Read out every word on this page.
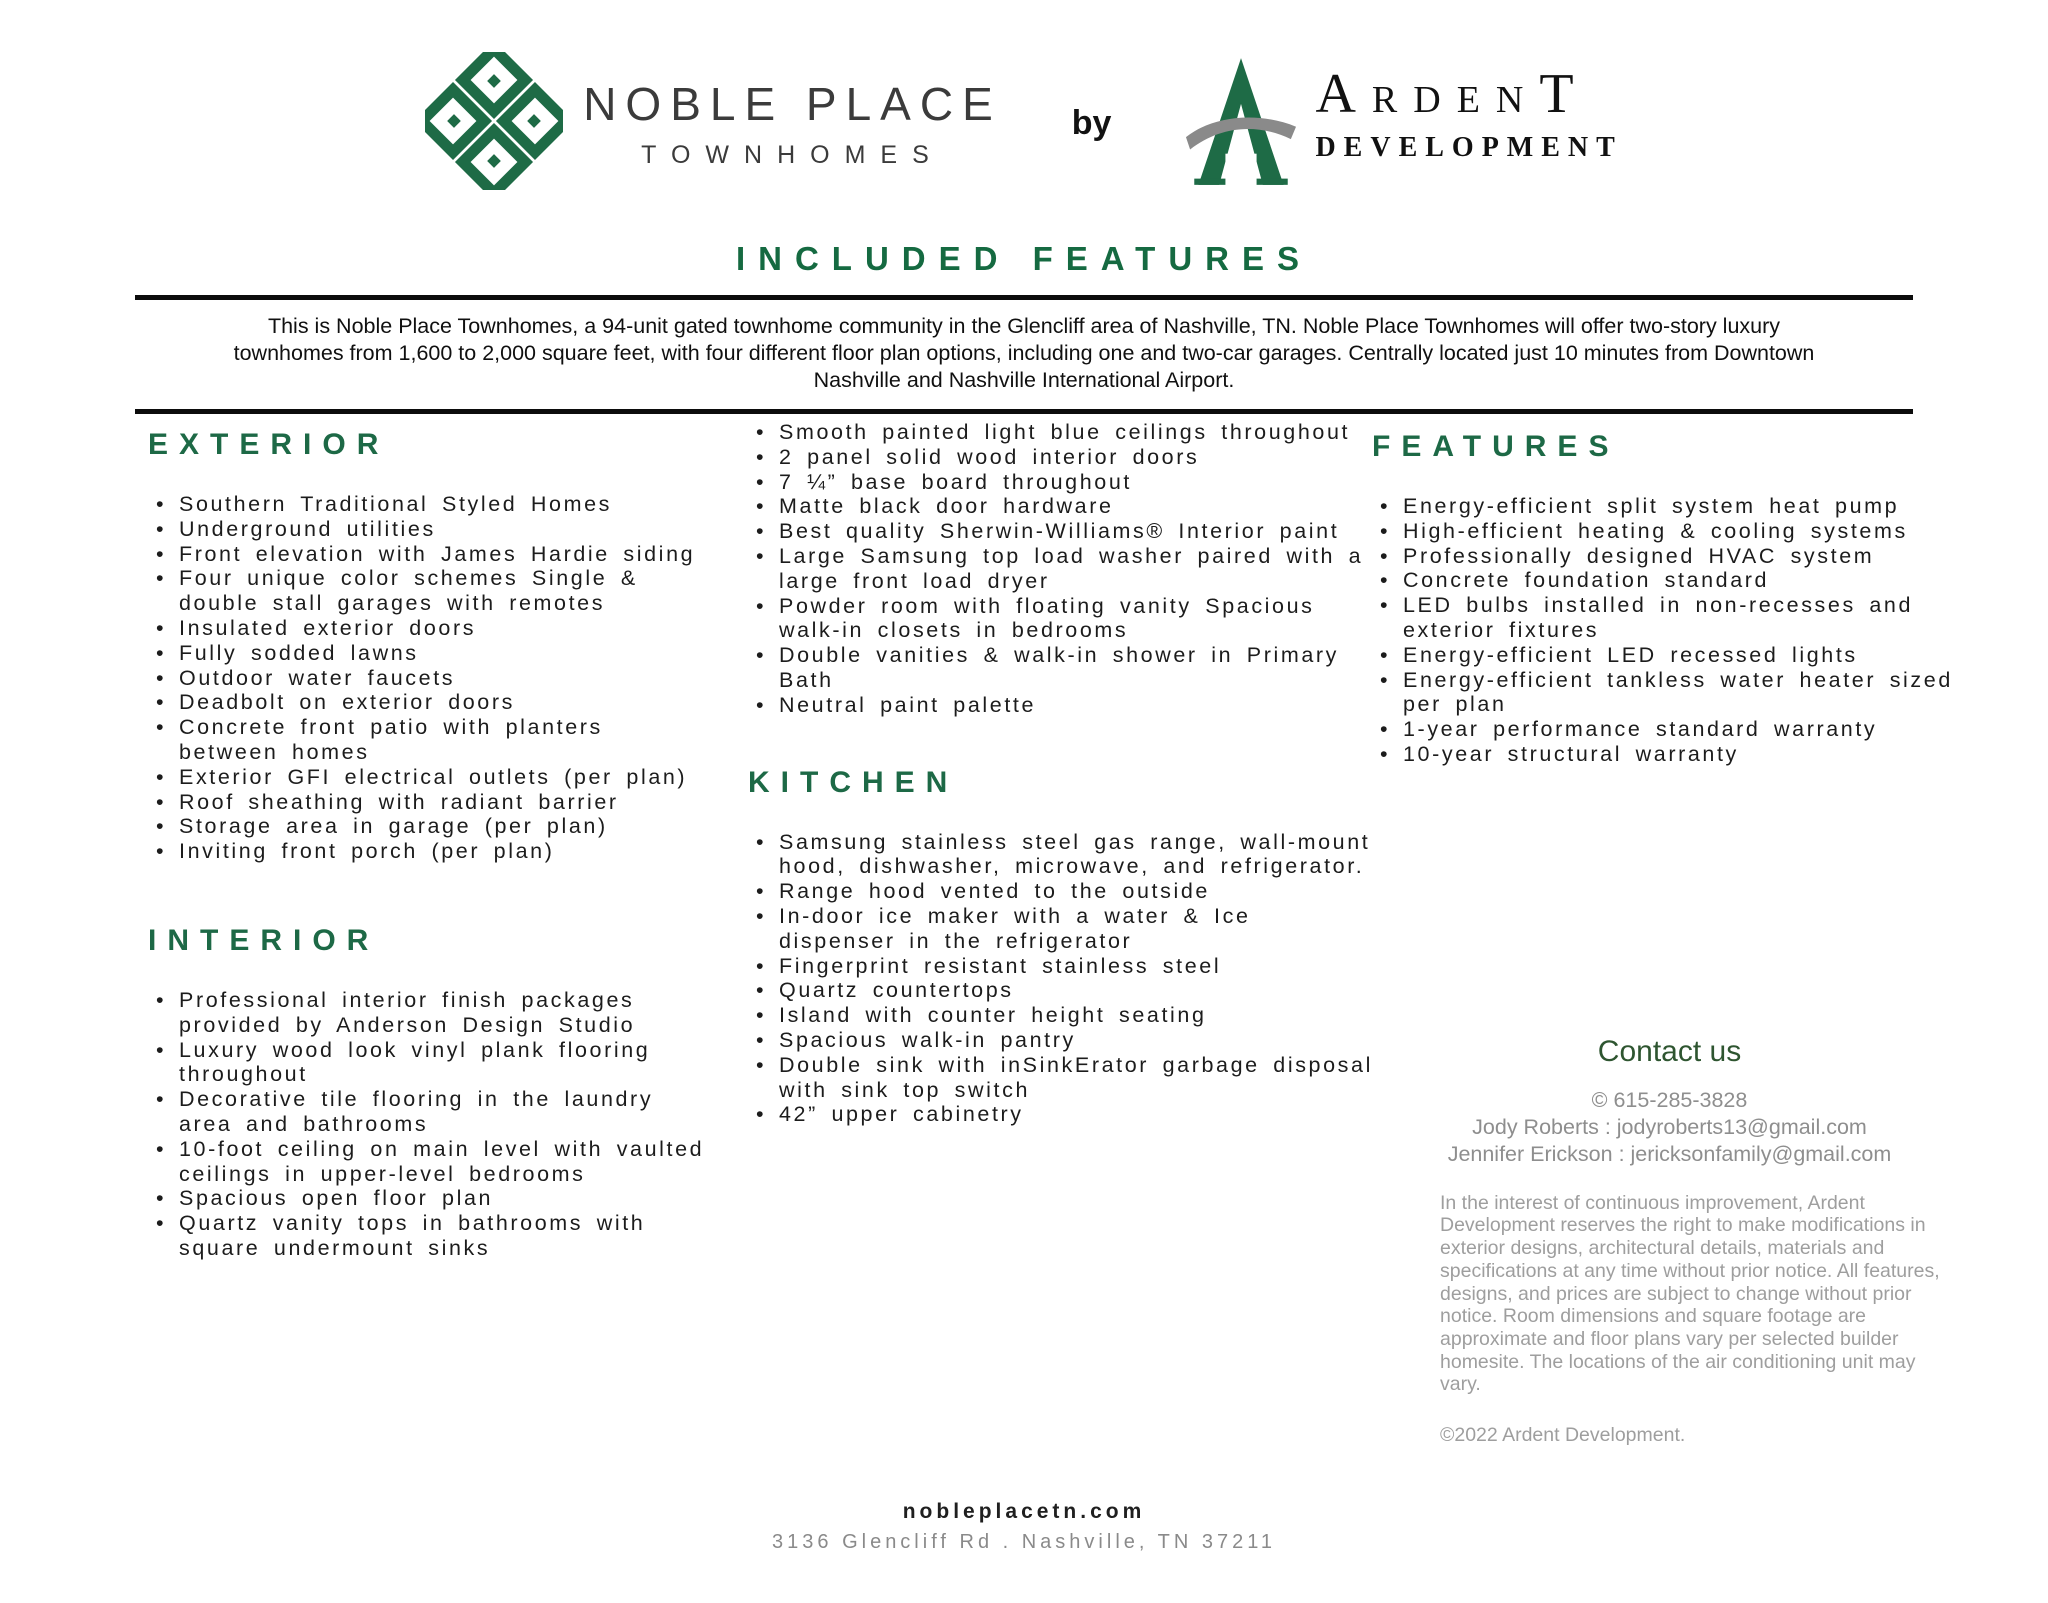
NOBLE PLACE
TOWNHOMES
by	ARDENT
DEVELOPMENT
INCLUDED FEATURES
This is Noble Place Townhomes, a 94-unit gated townhome community in the Glencliff area of Nashville, TN. Noble Place Townhomes will offer two-story luxury townhomes from 1,600 to 2,000 square feet, with four different floor plan options, including one and two-car garages. Centrally located just 10 minutes from Downtown Nashville and Nashville International Airport.
EXTERIOR
• Southern Traditional Styled Homes
• Underground utilities
• Front elevation with James Hardie siding
• Four unique color schemes Single & double stall garages with remotes
• Insulated exterior doors
• Fully sodded lawns
• Outdoor water faucets
• Deadbolt on exterior doors
• Concrete front patio with planters between homes
• Exterior GFI electrical outlets (per plan)
• Roof sheathing with radiant barrier
• Storage area in garage (per plan)
• Inviting front porch (per plan)
INTERIOR
• Professional interior finish packages provided by Anderson Design Studio
• Luxury wood look vinyl plank flooring throughout
• Decorative tile flooring in the laundry area and bathrooms
• 10-foot ceiling on main level with vaulted ceilings in upper-level bedrooms
• Spacious open floor plan
• Quartz vanity tops in bathrooms with square undermount sinks
• Smooth painted light blue ceilings throughout
• 2 panel solid wood interior doors
• 7 ¼” base board throughout
• Matte black door hardware
• Best quality Sherwin-Williams® Interior paint
• Large Samsung top load washer paired with a large front load dryer
• Powder room with floating vanity Spacious walk-in closets in bedrooms
• Double vanities & walk-in shower in Primary Bath
• Neutral paint palette
KITCHEN
• Samsung stainless steel gas range, wall-mount hood, dishwasher, microwave, and refrigerator.
• Range hood vented to the outside
• In-door ice maker with a water & Ice dispenser in the refrigerator
• Fingerprint resistant stainless steel
• Quartz countertops
• Island with counter height seating
• Spacious walk-in pantry
• Double sink with inSinkErator garbage disposal with sink top switch
• 42” upper cabinetry
FEATURES
• Energy-efficient split system heat pump
• High-efficient heating & cooling systems
• Professionally designed HVAC system
• Concrete foundation standard
• LED bulbs installed in non-recesses and exterior fixtures
• Energy-efficient LED recessed lights
• Energy-efficient tankless water heater sized per plan
• 1-year performance standard warranty
• 10-year structural warranty
Contact us
© 615-285-3828
Jody Roberts : jodyroberts13@gmail.com
Jennifer Erickson : jericksonfamily@gmail.com
In the interest of continuous improvement, Ardent Development reserves the right to make modifications in exterior designs, architectural details, materials and specifications at any time without prior notice. All features, designs, and prices are subject to change without prior notice. Room dimensions and square footage are approximate and floor plans vary per selected builder homesite. The locations of the air conditioning unit may vary.
©2022 Ardent Development.
nobleplacetn.com
3136 Glencliff Rd . Nashville, TN 37211
